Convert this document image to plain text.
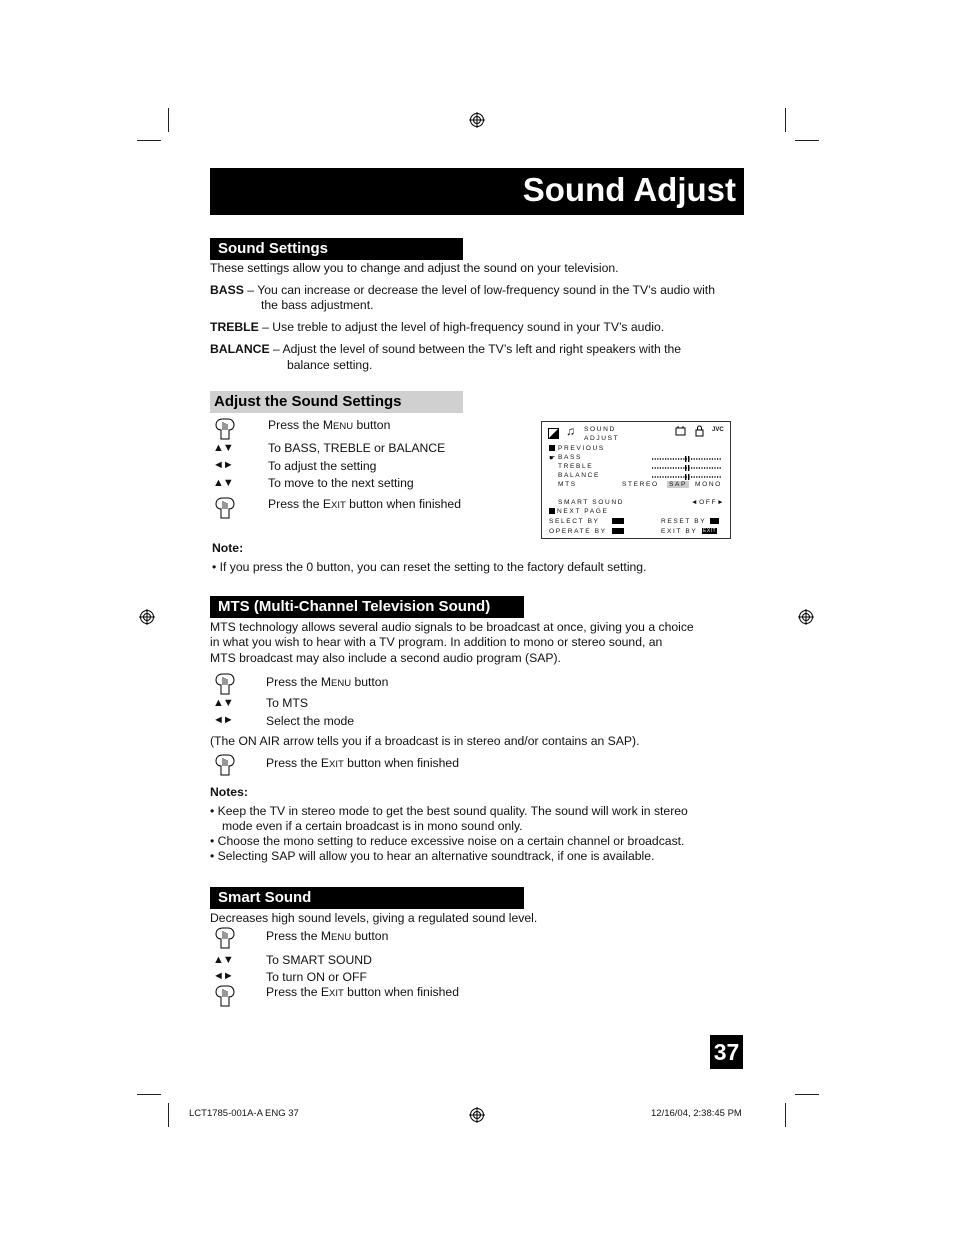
Sound Adjust
Sound Settings
These settings allow you to change and adjust the sound on your television.
BASS – You can increase or decrease the level of low-frequency sound in the TV’s audio with
the bass adjustment.
TREBLE – Use treble to adjust the level of high-frequency sound in your TV’s audio.
BALANCE – Adjust the level of sound between the TV’s left and right speakers with the
balance setting.
Adjust the Sound Settings
Press the MENU button
▲▼	To BASS, TREBLE or BALANCE
◄►	To adjust the setting
▲▼	To move to the next setting
Press the EXIT button when finished
Note:
• If you press the 0 button, you can reset the setting to the factory default setting.
♫ SOUND
ADJUST
JVC
PREVIOUS
☛ BASS
TREBLE
BALANCE
MTS	STEREO	SAP	MONO
SMART SOUND	◄OFF►
NEXT PAGE
SELECT BY
OPERATE BY
RESET BY
EXIT BY EXIT
MTS (Multi-Channel Television Sound)
MTS technology allows several audio signals to be broadcast at once, giving you a choice
in what you wish to hear with a TV program. In addition to mono or stereo sound, an
MTS broadcast may also include a second audio program (SAP).
Press the MENU button
▲▼	To MTS
◄►	Select the mode
(The ON AIR arrow tells you if a broadcast is in stereo and/or contains an SAP).
Press the EXIT button when finished
Notes:
• Keep the TV in stereo mode to get the best sound quality. The sound will work in stereo
mode even if a certain broadcast is in mono sound only.
• Choose the mono setting to reduce excessive noise on a certain channel or broadcast.
• Selecting SAP will allow you to hear an alternative soundtrack, if one is available.
Smart Sound
Decreases high sound levels, giving a regulated sound level.
Press the MENU button
▲▼	To SMART SOUND
◄►	To turn ON or OFF
Press the EXIT button when finished
37
LCT1785-001A-A ENG 37	12/16/04, 2:38:45 PM
